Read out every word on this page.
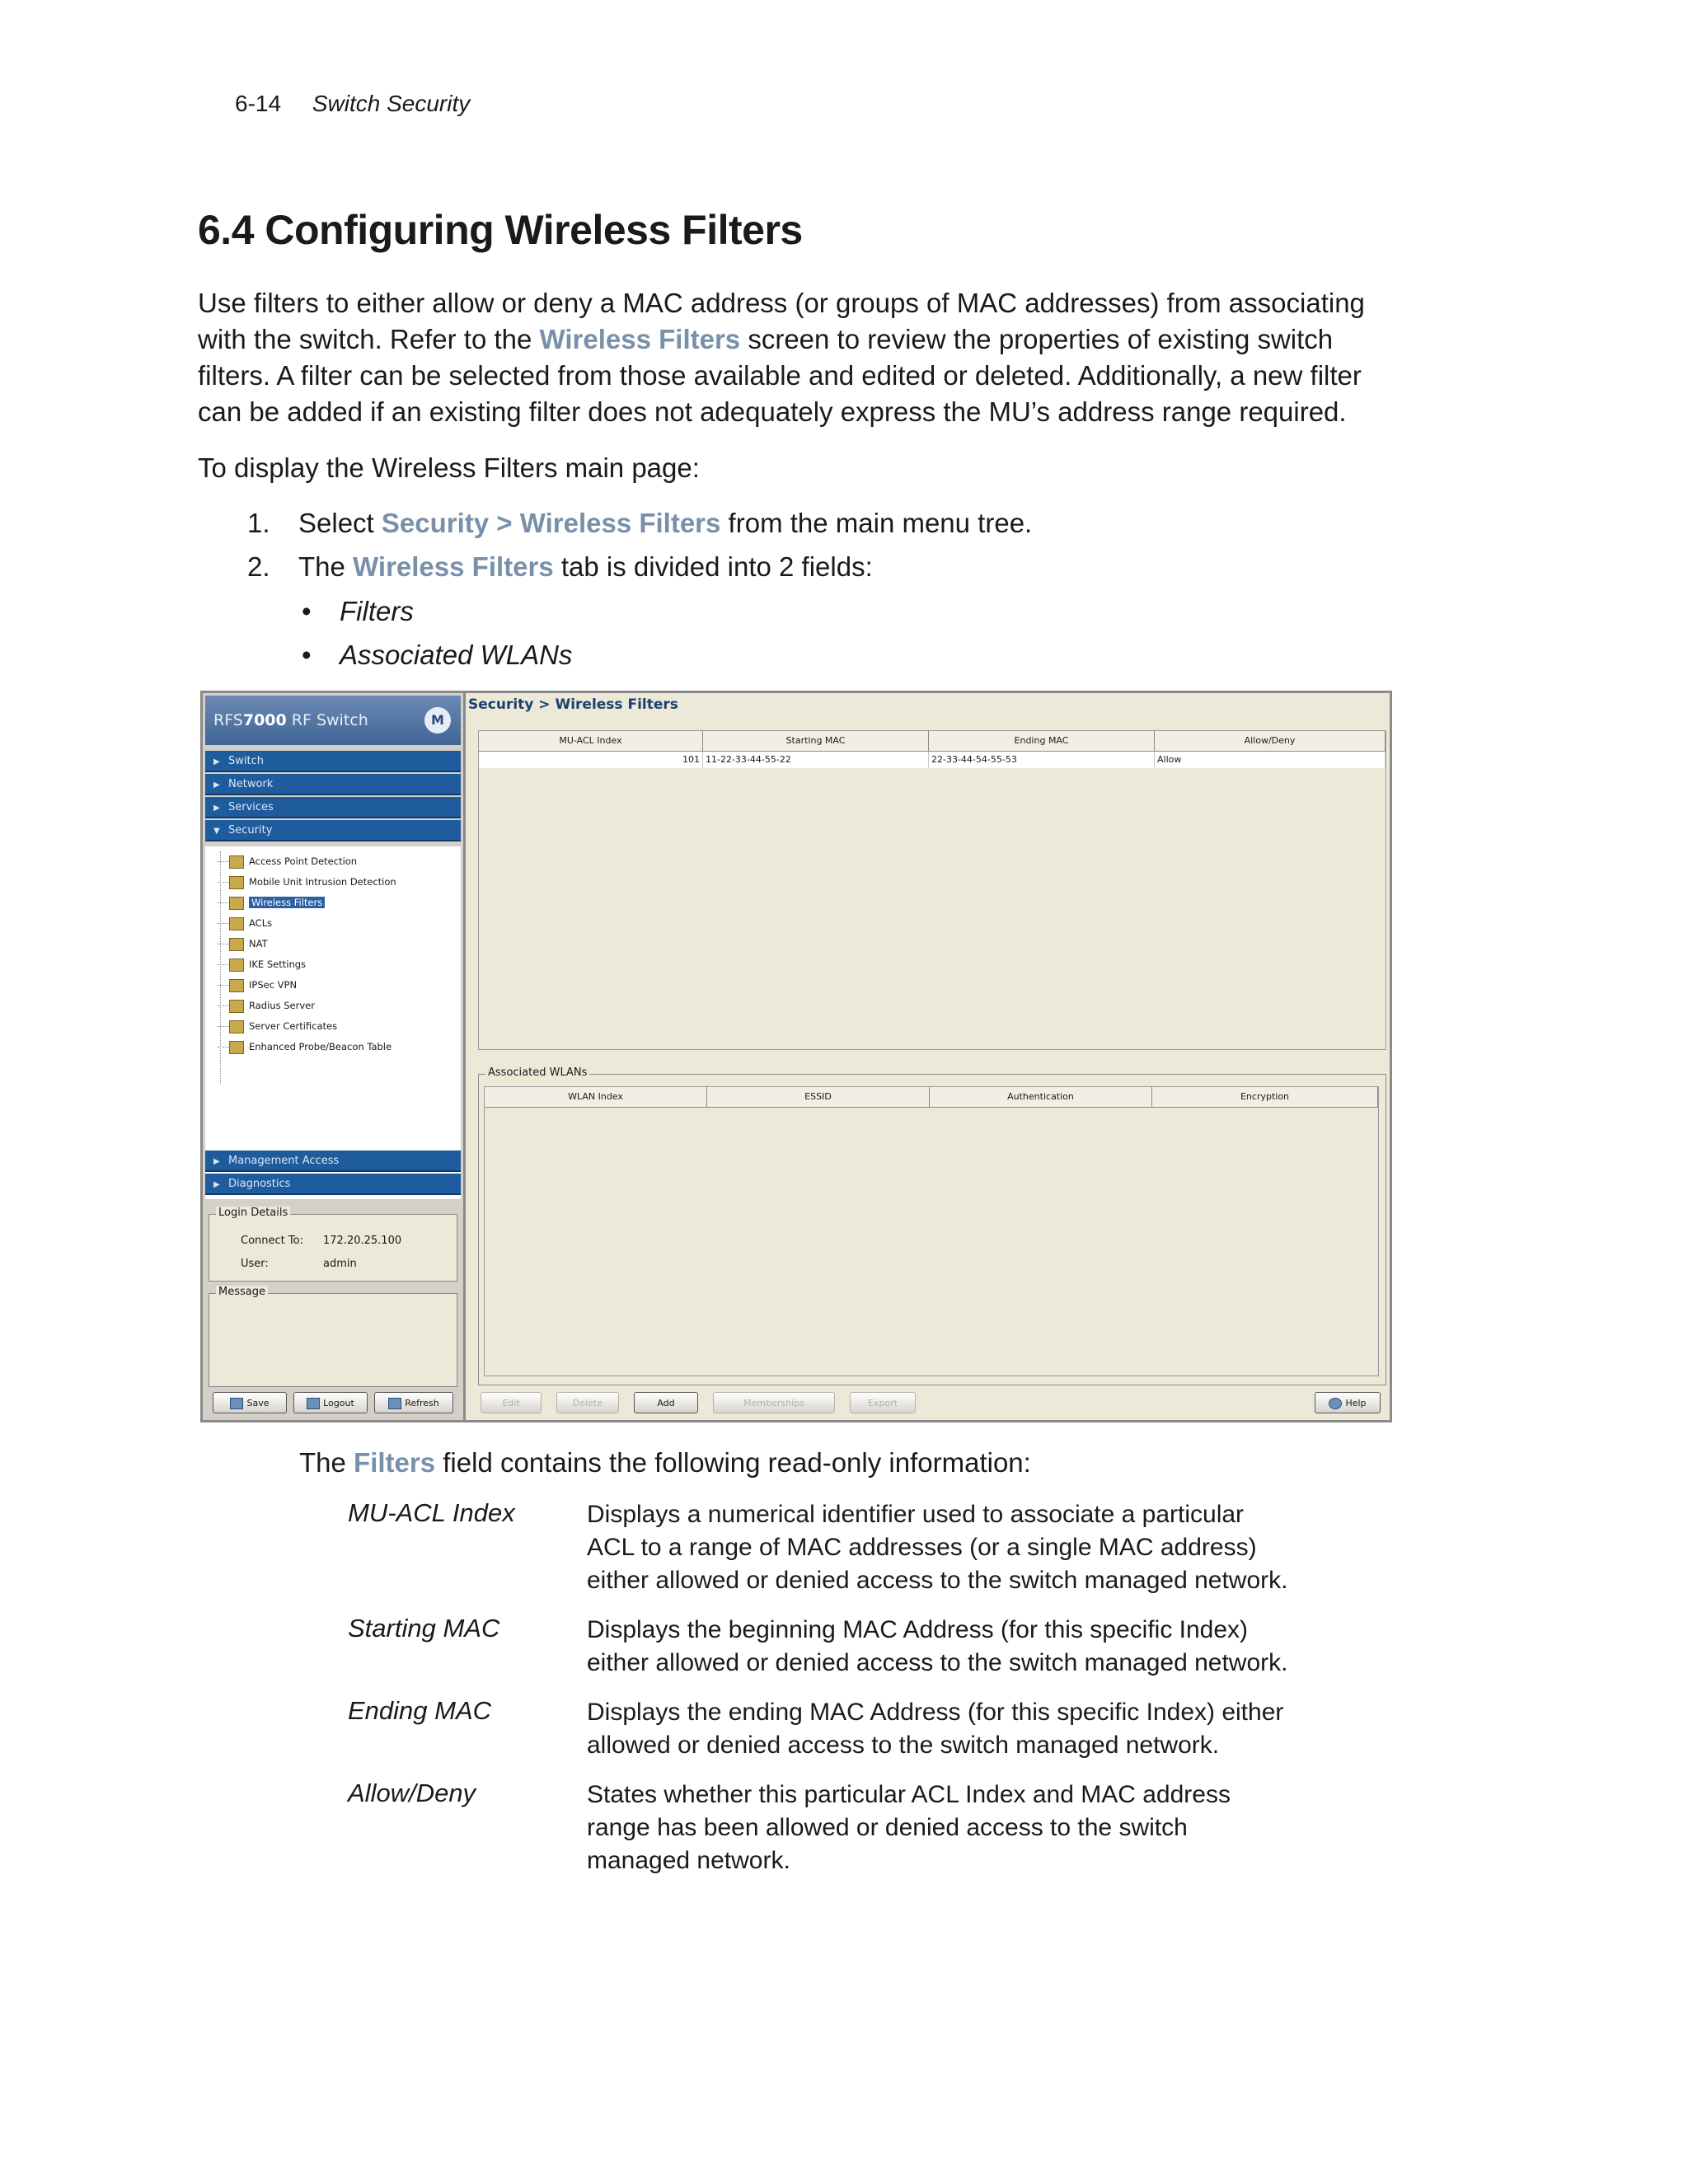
6-14 Switch Security
6.4 Configuring Wireless Filters

Use filters to either allow or deny a MAC address (or groups of MAC addresses) from associating with the switch. Refer to the Wireless Filters screen to review the properties of existing switch filters. A filter can be selected from those available and edited or deleted. Additionally, a new filter can be added if an existing filter does not adequately express the MU’s address range required.

To display the Wireless Filters main page:

1. Select Security > Wireless Filters from the main menu tree.
2. The Wireless Filters tab is divided into 2 fields:
• Filters
• Associated WLANs
RFS7000 RF Switch	M
▶ Switch
▶ Network
▶ Services
▼ Security
Access Point Detection
Mobile Unit Intrusion Detection
Wireless Filters
ACLs
NAT
IKE Settings
IPSec VPN
Radius Server
Server Certificates
Enhanced Probe/Beacon Table
▶ Management Access
▶ Diagnostics
Login Details
Connect To: 172.20.25.100
User:	admin
Message
Save	Logout	Refresh
Security > Wireless Filters
MU-ACL Index	Starting MAC	Ending MAC	Allow/Deny
101 11-22-33-44-55-22	22-33-44-54-55-53	Allow
Associated WLANs
WLAN Index	ESSID	Authentication	Encryption
Edit	Delete	Add	Memberships	Export	Help
The Filters field contains the following read-only information:
MU-ACL Index	Displays a numerical identifier used to associate a particular ACL to a range of MAC addresses (or a single MAC address) either allowed or denied access to the switch managed network.
Starting MAC	Displays the beginning MAC Address (for this specific Index) either allowed or denied access to the switch managed network.
Ending MAC	Displays the ending MAC Address (for this specific Index) either allowed or denied access to the switch managed network.
Allow/Deny	States whether this particular ACL Index and MAC address range has been allowed or denied access to the switch managed network.
